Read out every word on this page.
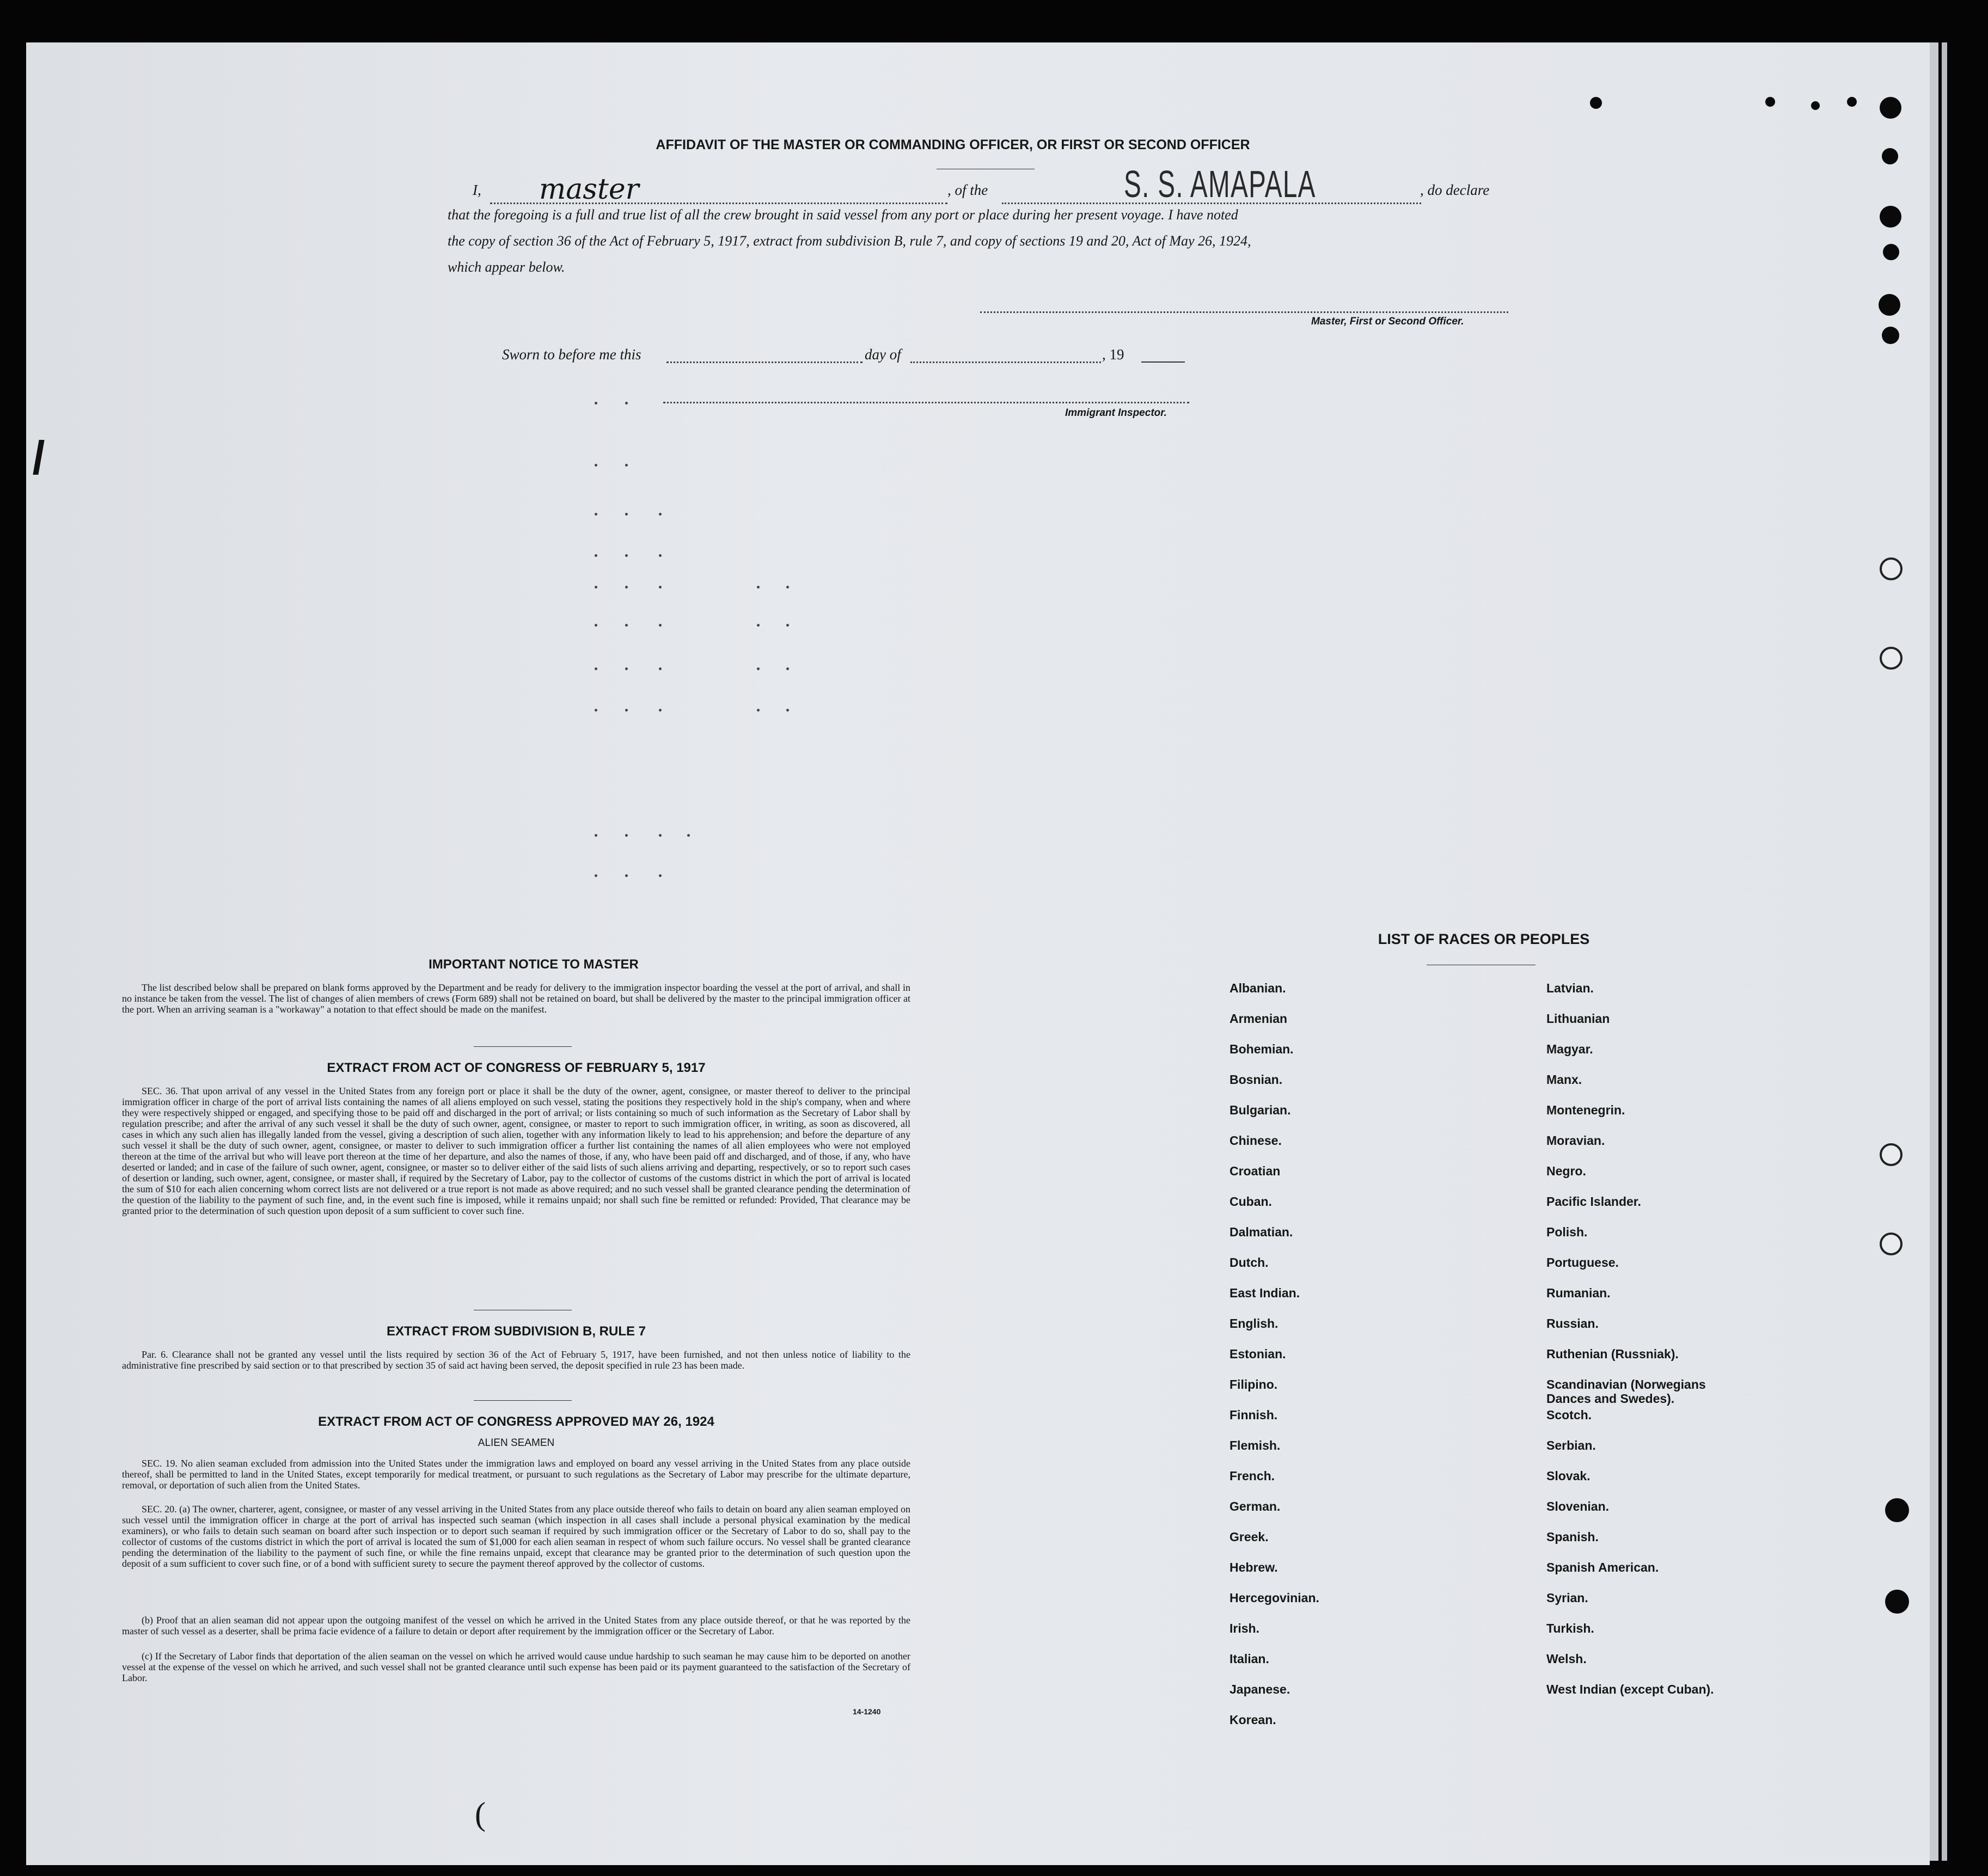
AFFIDAVIT OF THE MASTER OR COMMANDING OFFICER, OR FIRST OR SECOND OFFICER
I, master	, of the	S. S. AMAPALA	, do declare
that the foregoing is a full and true list of all the crew brought in said vessel from any port or place during her present voyage. I have noted
the copy of section 36 of the Act of February 5, 1917, extract from subdivision B, rule 7, and copy of sections 19 and 20, Act of May 26, 1924,
which appear below.
Master, First or Second Officer.
Sworn to before me this	day of	, 19
Immigrant Inspector.
IMPORTANT NOTICE TO MASTER
The list described below shall be prepared on blank forms approved by the Department and be ready for delivery to the immigration inspector boarding the vessel at the port of arrival, and shall in no instance be taken from the vessel. The list of changes of alien members of crews (Form 689) shall not be retained on board, but shall be delivered by the master to the principal immigration officer at the port. When an arriving seaman is a "workaway" a notation to that effect should be made on the manifest.
EXTRACT FROM ACT OF CONGRESS OF FEBRUARY 5, 1917
SEC. 36. That upon arrival of any vessel in the United States from any foreign port or place it shall be the duty of the owner, agent, consignee, or master thereof to deliver to the principal immigration officer in charge of the port of arrival lists containing the names of all aliens employed on such vessel, stating the positions they respectively hold in the ship's company, when and where they were respectively shipped or engaged, and specifying those to be paid off and discharged in the port of arrival; or lists containing so much of such information as the Secretary of Labor shall by regulation prescribe; and after the arrival of any such vessel it shall be the duty of such owner, agent, consignee, or master to report to such immigration officer, in writing, as soon as discovered, all cases in which any such alien has illegally landed from the vessel, giving a description of such alien, together with any information likely to lead to his apprehension; and before the departure of any such vessel it shall be the duty of such owner, agent, consignee, or master to deliver to such immigration officer a further list containing the names of all alien employees who were not employed thereon at the time of the arrival but who will leave port thereon at the time of her departure, and also the names of those, if any, who have been paid off and discharged, and of those, if any, who have deserted or landed; and in case of the failure of such owner, agent, consignee, or master so to deliver either of the said lists of such aliens arriving and departing, respectively, or so to report such cases of desertion or landing, such owner, agent, consignee, or master shall, if required by the Secretary of Labor, pay to the collector of customs of the customs district in which the port of arrival is located the sum of $10 for each alien concerning whom correct lists are not delivered or a true report is not made as above required; and no such vessel shall be granted clearance pending the determination of the question of the liability to the payment of such fine, and, in the event such fine is imposed, while it remains unpaid; nor shall such fine be remitted or refunded: Provided, That clearance may be granted prior to the determination of such question upon deposit of a sum sufficient to cover such fine.
EXTRACT FROM SUBDIVISION B, RULE 7
Par. 6. Clearance shall not be granted any vessel until the lists required by section 36 of the Act of February 5, 1917, have been furnished, and not then unless notice of liability to the administrative fine prescribed by said section or to that prescribed by section 35 of said act having been served, the deposit specified in rule 23 has been made.
EXTRACT FROM ACT OF CONGRESS APPROVED MAY 26, 1924
ALIEN SEAMEN
SEC. 19. No alien seaman excluded from admission into the United States under the immigration laws and employed on board any vessel arriving in the United States from any place outside thereof, shall be permitted to land in the United States, except temporarily for medical treatment, or pursuant to such regulations as the Secretary of Labor may prescribe for the ultimate departure, removal, or deportation of such alien from the United States.
SEC. 20. (a) The owner, charterer, agent, consignee, or master of any vessel arriving in the United States from any place outside thereof who fails to detain on board any alien seaman employed on such vessel until the immigration officer in charge at the port of arrival has inspected such seaman (which inspection in all cases shall include a personal physical examination by the medical examiners), or who fails to detain such seaman on board after such inspection or to deport such seaman if required by such immigration officer or the Secretary of Labor to do so, shall pay to the collector of customs of the customs district in which the port of arrival is located the sum of $1,000 for each alien seaman in respect of whom such failure occurs. No vessel shall be granted clearance pending the determination of the liability to the payment of such fine, or while the fine remains unpaid, except that clearance may be granted prior to the determination of such question upon the deposit of a sum sufficient to cover such fine, or of a bond with sufficient surety to secure the payment thereof approved by the collector of customs.
(b) Proof that an alien seaman did not appear upon the outgoing manifest of the vessel on which he arrived in the United States from any place outside thereof, or that he was reported by the master of such vessel as a deserter, shall be prima facie evidence of a failure to detain or deport after requirement by the immigration officer or the Secretary of Labor.
(c) If the Secretary of Labor finds that deportation of the alien seaman on the vessel on which he arrived would cause undue hardship to such seaman he may cause him to be deported on another vessel at the expense of the vessel on which he arrived, and such vessel shall not be granted clearance until such expense has been paid or its payment guaranteed to the satisfaction of the Secretary of Labor.
14-1240
(
LIST OF RACES OR PEOPLES
Albanian.
Armenian
Bohemian.
Bosnian.
Bulgarian.
Chinese.
Croatian
Cuban.
Dalmatian.
Dutch.
East Indian.
English.
Estonian.
Filipino.
Finnish.
Flemish.
French.
German.
Greek.
Hebrew.
Hercegovinian.
Irish.
Italian.
Japanese.
Korean.
Latvian.
Lithuanian
Magyar.
Manx.
Montenegrin.
Moravian.
Negro.
Pacific Islander.
Polish.
Portuguese.
Rumanian.
Russian.
Ruthenian (Russniak).
Scandinavian (Norwegians
Dances and Swedes).
Scotch.
Serbian.
Slovak.
Slovenian.
Spanish.
Spanish American.
Syrian.
Turkish.
Welsh.
West Indian (except Cuban).
